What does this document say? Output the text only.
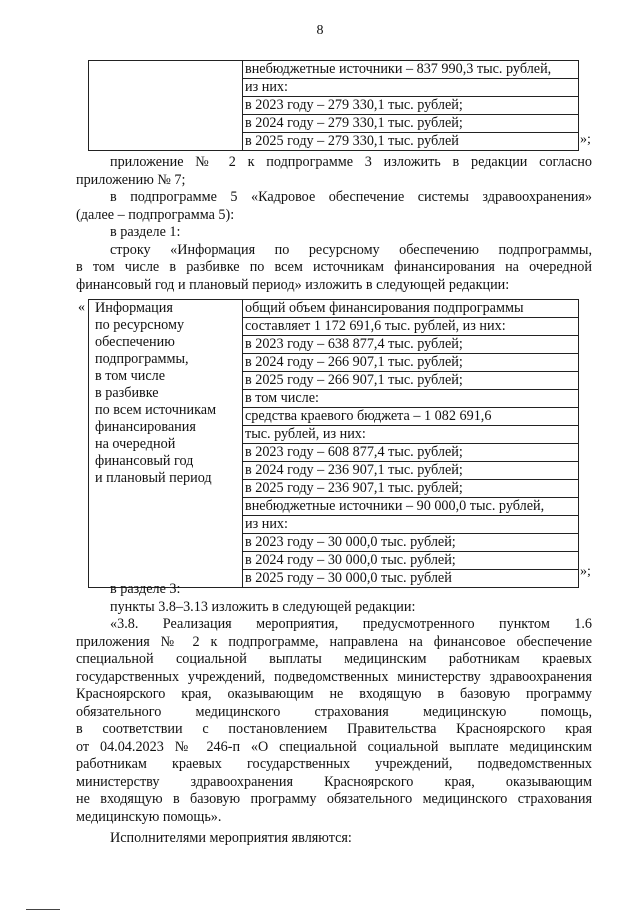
8

внебюджетные источники – 837 990,3 тыс. рублей,
из них:
в 2023 году – 279 330,1 тыс. рублей;
в 2024 году – 279 330,1 тыс. рублей;
в 2025 году – 279 330,1 тыс. рублей	»;
приложение № 2 к подпрограмме 3 изложить в редакции согласно
приложению № 7;
в подпрограмме 5 «Кадровое обеспечение системы здравоохранения»
(далее – подпрограмма 5):
в разделе 1:
строку «Информация по ресурсному обеспечению подпрограммы,
в том числе в разбивке по всем источникам финансирования на очередной
финансовый год и плановый период» изложить в следующей редакции:
« Информация
по ресурсному
обеспечению
подпрограммы,
в том числе
в разбивке
по всем источникам
финансирования
на очередной
финансовый год
и плановый период

общий объем финансирования подпрограммы
составляет 1 172 691,6 тыс. рублей, из них:
в 2023 году – 638 877,4 тыс. рублей;
в 2024 году – 266 907,1 тыс. рублей;
в 2025 году – 266 907,1 тыс. рублей;
в том числе:
средства краевого бюджета – 1 082 691,6
тыс. рублей, из них:
в 2023 году – 608 877,4 тыс. рублей;
в 2024 году – 236 907,1 тыс. рублей;
в 2025 году – 236 907,1 тыс. рублей;
внебюджетные источники – 90 000,0 тыс. рублей,
из них:
в 2023 году – 30 000,0 тыс. рублей;
в 2024 году – 30 000,0 тыс. рублей;
в 2025 году – 30 000,0 тыс. рублей	»;
в разделе 3:
пункты 3.8–3.13 изложить в следующей редакции:
«3.8. Реализация мероприятия, предусмотренного пунктом 1.6
приложения № 2 к подпрограмме, направлена на финансовое обеспечение
специальной социальной выплаты медицинским работникам краевых
государственных учреждений, подведомственных министерству здравоохранения
Красноярского края, оказывающим не входящую в базовую программу
обязательного медицинского страхования медицинскую помощь,
в соответствии с постановлением Правительства Красноярского края
от 04.04.2023 № 246-п «О специальной социальной выплате медицинским
работникам краевых государственных учреждений, подведомственных
министерству здравоохранения Красноярского края, оказывающим
не входящую в базовую программу обязательного медицинского страхования
медицинскую помощь».
Исполнителями мероприятия являются:
